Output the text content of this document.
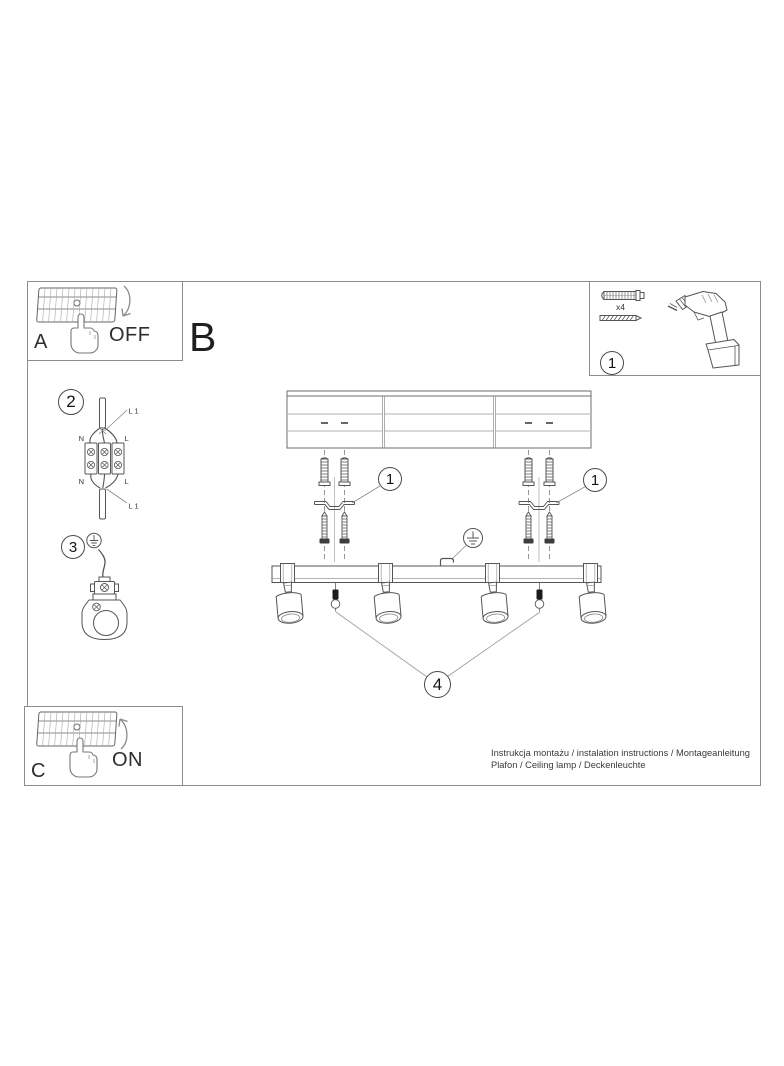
A	OFF B
x4
1
L 1
N	L
N	L
L 1
2
3
1	1
4
C	ON	Instrukcja montażu / instalation instructions / Montageanleitung
Plafon / Ceiling lamp / Deckenleuchte
